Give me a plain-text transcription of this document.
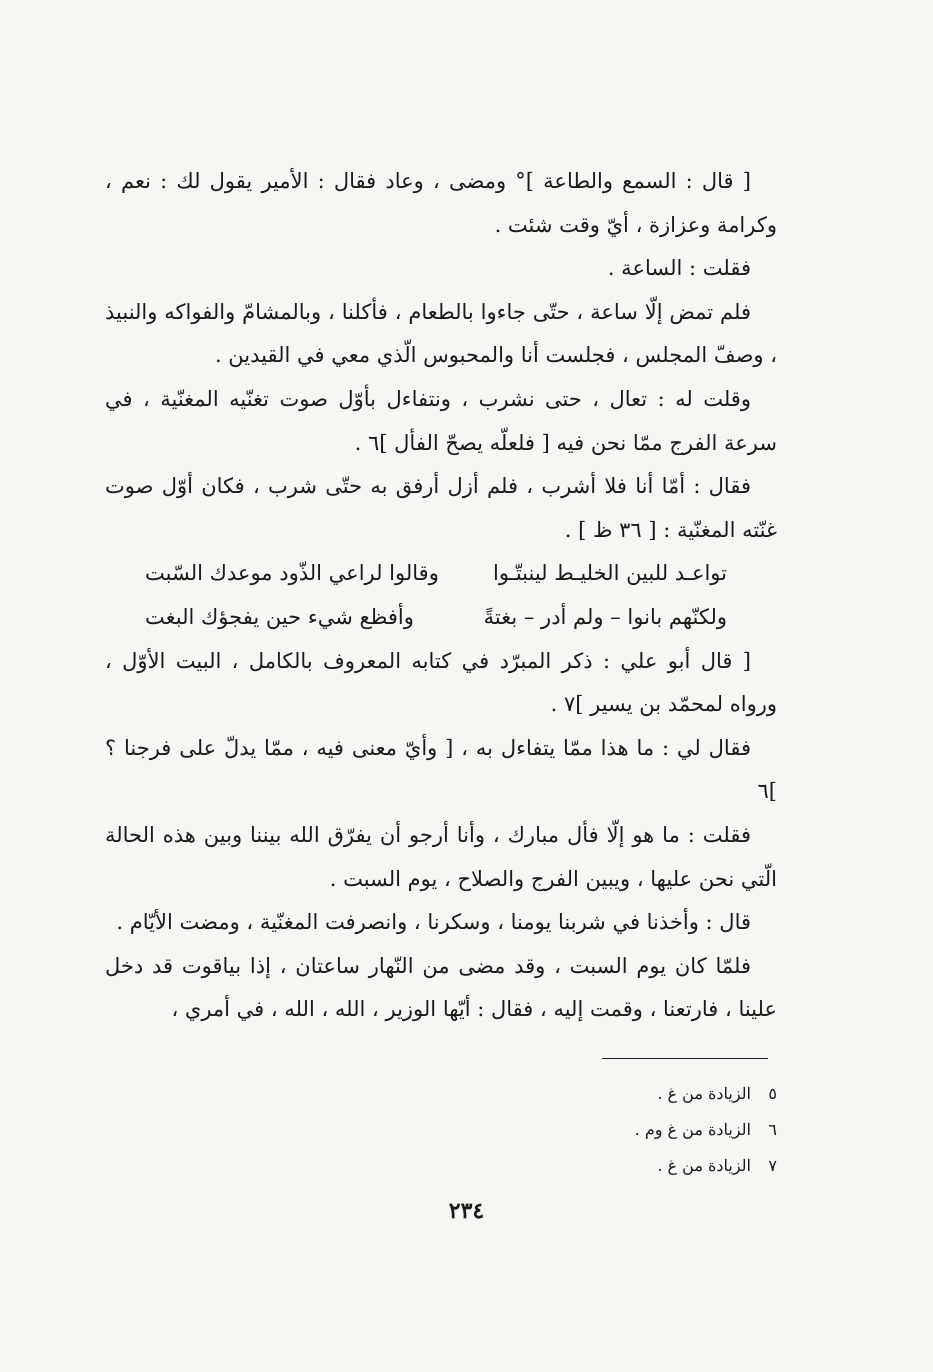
[ قال : السمع والطاعة ]° ومضى ، وعاد فقال : الأمير يقول لك : نعم ، وكرامة وعزازة ، أيّ وقت شئت .

فقلت : الساعة .

فلم تمض إلّا ساعة ، حتّى جاءوا بالطعام ، فأكلنا ، وبالمشامّ والفواكه والنبيذ ، وصفّ المجلس ، فجلست أنا والمحبوس الّذي معي في القيدين .

وقلت له : تعال ، حتى نشرب ، ونتفاءل بأوّل صوت تغنّيه المغنّية ، في سرعة الفرج ممّا نحن فيه [ فلعلّه يصحّ الفأل ]٦ .

فقال : أمّا أنا فلا أشرب ، فلم أزل أرفق به حتّى شرب ، فكان أوّل صوت غنّته المغنّية : [ ٣٦ ظ ] .

تواعـد للبين الخليـط لينبتّـوا
وقالوا لراعي الذّود موعدك السّبت
ولكنّهم بانوا – ولم أدر – بغتةً
وأفظع شيء حين يفجؤك البغت

[ قال أبو علي : ذكر المبرّد في كتابه المعروف بالكامل ، البيت الأوّل ، ورواه لمحمّد بن يسير ]٧ .

فقال لي : ما هذا ممّا يتفاءل به ، [ وأيّ معنى فيه ، ممّا يدلّ على فرجنا ؟ ]٦

فقلت : ما هو إلّا فأل مبارك ، وأنا أرجو أن يفرّق الله بيننا وبين هذه الحالة الّتي نحن عليها ، ويبين الفرج والصلاح ، يوم السبت .

قال : وأخذنا في شربنا يومنا ، وسكرنا ، وانصرفت المغنّية ، ومضت الأيّام .

فلمّا كان يوم السبت ، وقد مضى من النّهار ساعتان ، إذا بياقوت قد دخل علينا ، فارتعنا ، وقمت إليه ، فقال : أيّها الوزير ، الله ، الله ، في أمري ،

٥الزيادة من غ .
٦الزيادة من غ وم .
٧الزيادة من غ .
٢٣٤
